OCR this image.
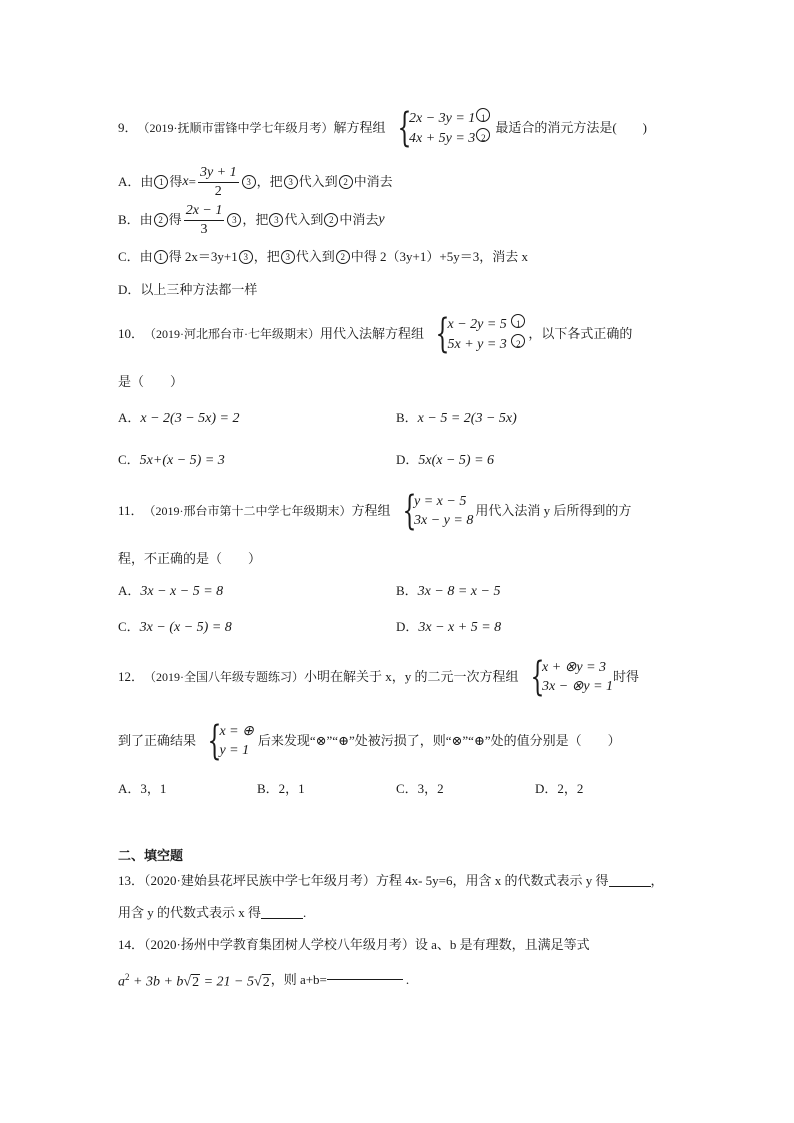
9． （2019·抚顺市雷锋中学七年级月考） 解方程组 {
2x − 3y = 1 1
4x + 5y = 3 2
最适合的消元方法是(　　)
A．由 1 得 $x = \frac{3y + 1}{2} 3$ ，把 3 代入到 2 中消去
B．由 2 得 $\frac{2x - 1}{3} 3$ ，把 3 代入到 2 中消去 y
C．由 1 得 2x＝3y+1 3 ，把 3 代入到 2 中得 2（3y+1）+5y＝3，消去 x
D．以上三种方法都一样
10． （2019·河北邢台市·七年级期末） 用代入法解方程组 {
x − 2y = 5 1
5x + y = 3 2
，以下各式正确的
是（　　）
A．x − 2(3 − 5x) = 2	B．x − 5 = 2(3 − 5x)
C．5x+(x − 5) = 3	D．5x(x − 5) = 6
11． （2019·邢台市第十二中学七年级期末） 方程组 {
y = x − 5
3x − y = 8
用代入法消 y 后所得到的方
程，不正确的是（　　）
A．3x − x − 5 = 8	B．3x − 8 = x − 5
C．3x − (x − 5) = 8	D．3x − x + 5 = 8
12． （2019·全国八年级专题练习） 小明在解关于 x，y 的二元一次方程组 {
x + ⊗y = 3
3x − ⊗y = 1
时得
到了正确结果 {
x = ⊕
y = 1
后来发现“⊗”“⊕”处被污损了，则“⊗”“⊕”处的值分别是（　　）
A．3，1	B．2，1	C．3，2	D．2，2
二、填空题
13．（2020·建始县花坪民族中学七年级月考）方程 4x- 5y=6，用含 x 的代数式表示 y 得	，
用含 y 的代数式表示 x 得	.
14．（2020·扬州中学教育集团树人学校八年级月考）设 a、b 是有理数，且满足等式
$a^2 + 3b + b√2 = 21 - 5√2$ ，则 a+b=	.
